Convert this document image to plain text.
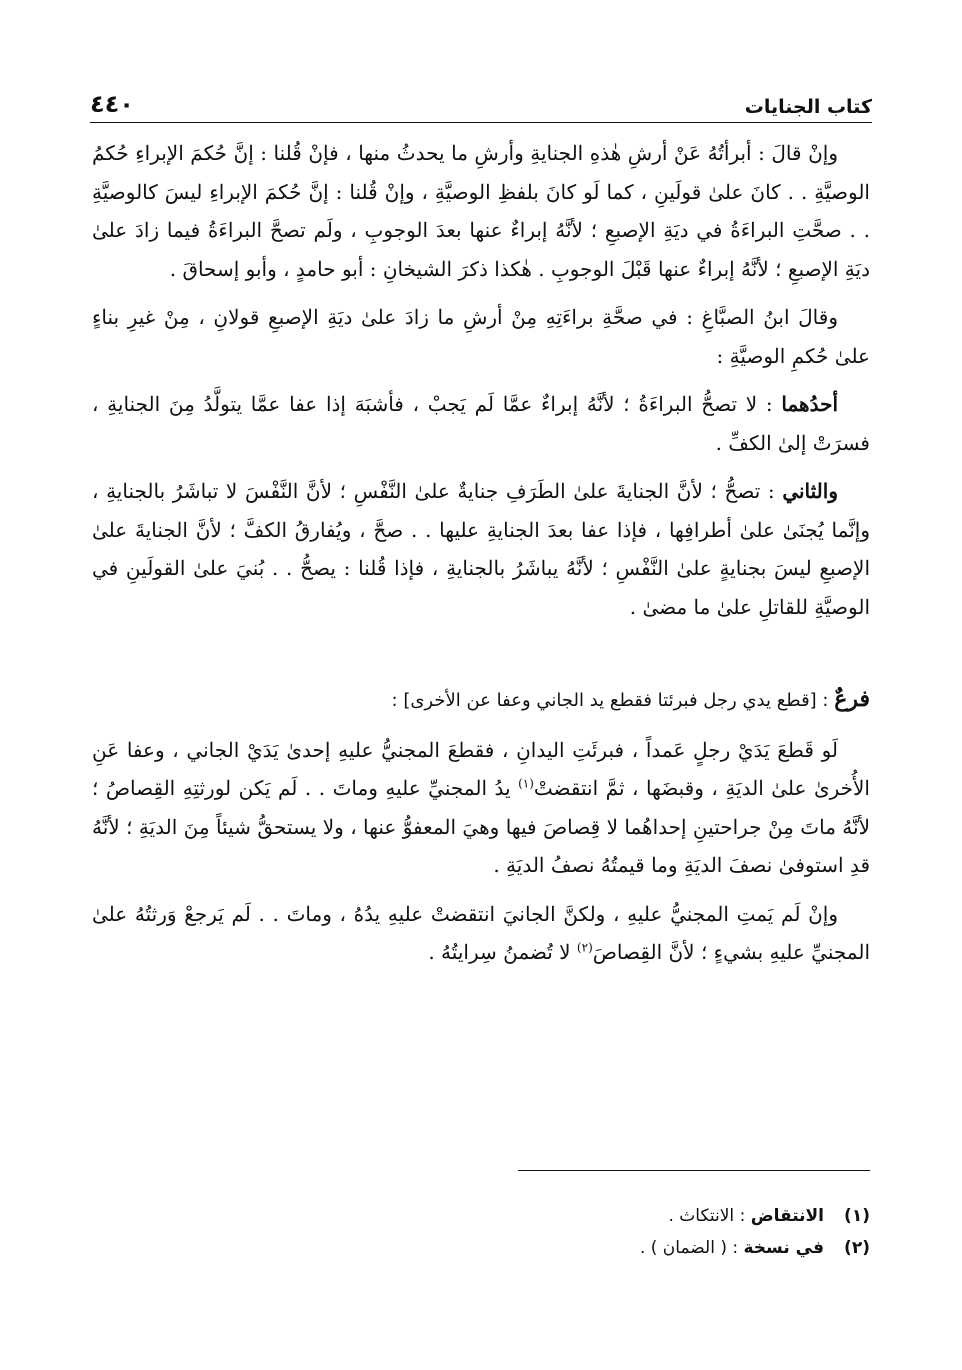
كتاب الجنايات
٤٤٠

وإنْ قالَ : أبرأتُهُ عَنْ أرشِ هٰذهِ الجنايةِ وأرشِ ما يحدثُ منها ، فإنْ قُلنا : إنَّ حُكمَ الإبراءِ حُكمُ الوصيَّةِ . . كانَ علىٰ قولَينِ ، كما لَو كانَ بلفظِ الوصيَّةِ ، وإنْ قُلنا : إنَّ حُكمَ الإبراءِ ليسَ كالوصيَّةِ . . صحَّتِ البراءَةُ في ديَةِ الإصبعِ ؛ لأنَّهُ إبراءٌ عنها بعدَ الوجوبِ ، ولَم تصحَّ البراءَةُ فيما زادَ علىٰ ديَةِ الإصبعِ ؛ لأنَّهُ إبراءٌ عنها قَبْلَ الوجوبِ . هٰكذا ذكرَ الشيخانِ : أبو حامدٍ ، وأبو إسحاقَ .

وقالَ ابنُ الصبَّاغِ : في صحَّةِ براءَتِهِ مِنْ أرشِ ما زادَ علىٰ ديَةِ الإصبعِ قولانِ ، مِنْ غيرِ بناءٍ علىٰ حُكمِ الوصيَّةِ :

أحدُهما : لا تصحُّ البراءَةُ ؛ لأنَّهُ إبراءٌ عمَّا لَم يَجبْ ، فأشبَهَ إذا عفا عمَّا يتولَّدُ مِنَ الجنايةِ ، فسرَتْ إلىٰ الكفِّ .

والثاني : تصحُّ ؛ لأنَّ الجنايةَ علىٰ الطَرَفِ جنايةٌ علىٰ النَّفْسِ ؛ لأنَّ النَّفْسَ لا تباشَرُ بالجنايةِ ، وإنَّما يُجنَىٰ علىٰ أطرافِها ، فإذا عفا بعدَ الجنايةِ عليها . . صحَّ ، ويُفارقُ الكفَّ ؛ لأنَّ الجنايةَ علىٰ الإصبعِ ليسَ بجنايةٍ علىٰ النَّفْسِ ؛ لأنَّهُ يباشَرُ بالجنايةِ ، فإذا قُلنا : يصحُّ . . بُنيَ علىٰ القولَينِ في الوصيَّةِ للقاتلِ علىٰ ما مضىٰ .

فرعٌ : [قطع يدي رجل فبرئتا فقطع يد الجاني وعفا عن الأخرى] :

لَو قَطعَ يَدَيْ رجلٍ عَمداً ، فبرئَتِ اليدانِ ، فقطعَ المجنيُّ عليهِ إحدىٰ يَدَيْ الجاني ، وعفا عَنِ الأُخرىٰ علىٰ الديَةِ ، وقبضَها ، ثمَّ انتقضتْ$^{(١)}$ يدُ المجنيِّ عليهِ وماتَ . . لَم يَكن لورثتِهِ القِصاصُ ؛ لأنَّهُ ماتَ مِنْ جراحتينِ إحداهُما لا قِصاصَ فيها وهيَ المعفوُّ عنها ، ولا يستحقُّ شيئاً مِنَ الديَةِ ؛ لأنَّهُ قدِ استوفىٰ نصفَ الديَةِ وما قيمتُهُ نصفُ الديَةِ .

وإنْ لَم يَمتِ المجنيُّ عليهِ ، ولكنَّ الجانيَ انتقضتْ عليهِ يدُهُ ، وماتَ . . لَم يَرجعْ وَرثتُهُ علىٰ المجنيِّ عليهِ بشيءٍ ؛ لأنَّ القِصاصَ$^{(٢)}$ لا تُضمنُ سِرايتُهُ .

(١)
الانتقاض : الانتكاث .
(٢)
في نسخة : ( الضمان ) .
